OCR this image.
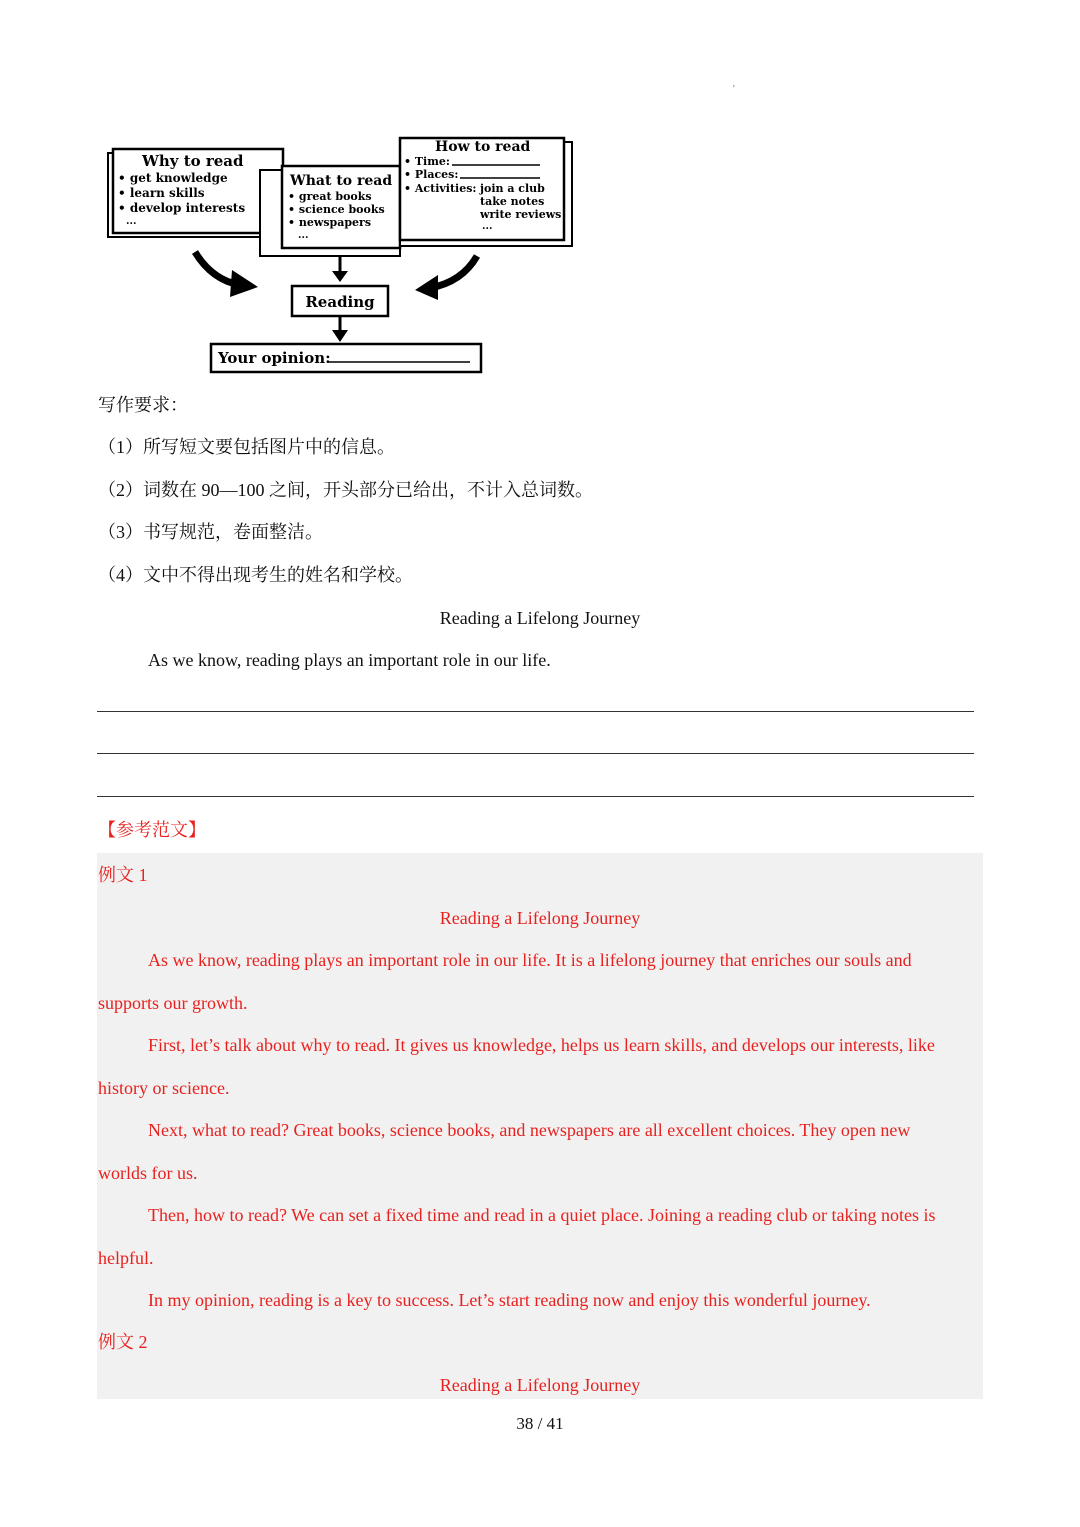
'
Why to read
• get knowledge
• learn skills
• develop interests
...
What to read
• great books
• science books
• newspapers
...
How to read
• Time:
• Places:
• Activities: join a club
take notes
write reviews
...
Reading
Your opinion:
写作要求：
（1）所写短文要包括图片中的信息。
（2）词数在 90—100 之间，开头部分已给出，不计入总词数。
（3）书写规范，卷面整洁。
（4）文中不得出现考生的姓名和学校。
Reading a Lifelong Journey
As we know, reading plays an important role in our life.
【参考范文】
例文 1
Reading a Lifelong Journey
As we know, reading plays an important role in our life. It is a lifelong journey that enriches our souls and
supports our growth.
First, let’s talk about why to read. It gives us knowledge, helps us learn skills, and develops our interests, like
history or science.
Next, what to read? Great books, science books, and newspapers are all excellent choices. They open new
worlds for us.
Then, how to read? We can set a fixed time and read in a quiet place. Joining a reading club or taking notes is
helpful.
In my opinion, reading is a key to success. Let’s start reading now and enjoy this wonderful journey.
例文 2
Reading a Lifelong Journey
38 / 41
